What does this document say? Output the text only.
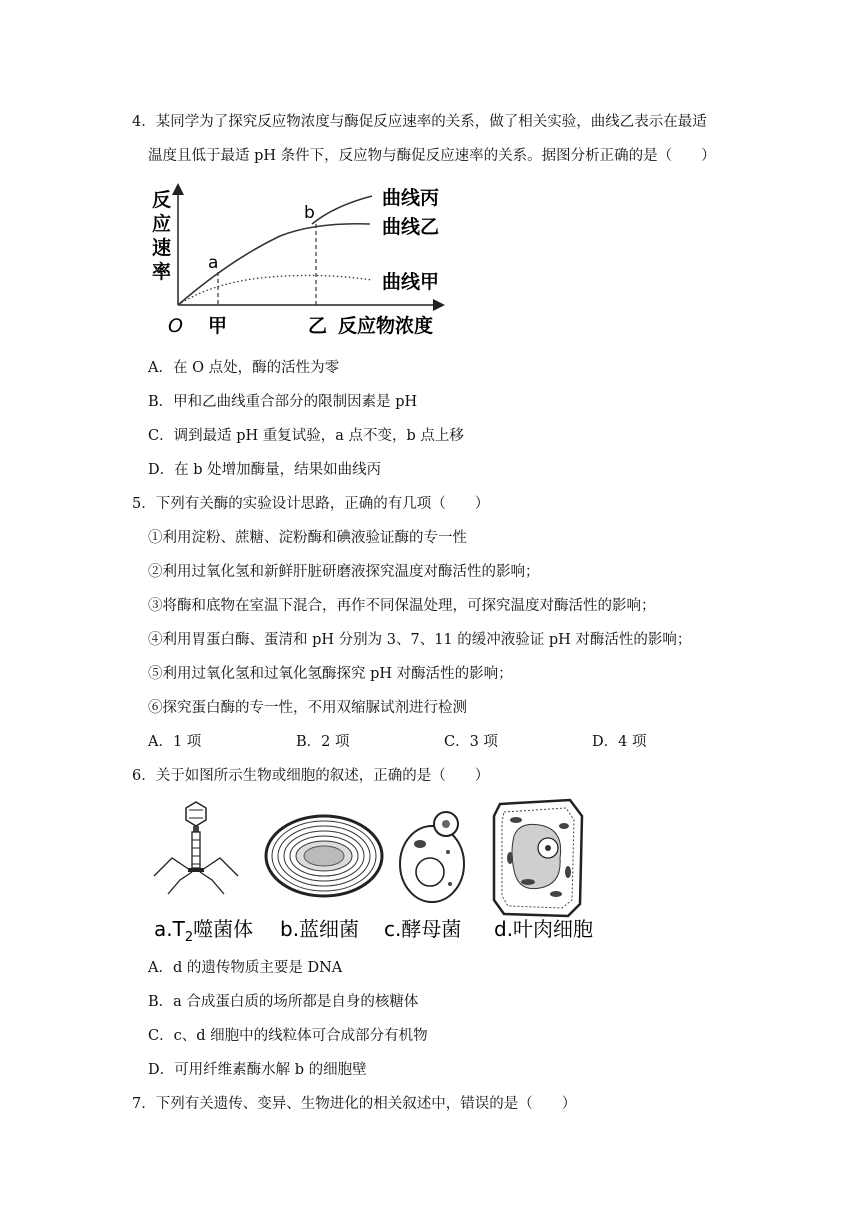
4．某同学为了探究反应物浓度与酶促反应速率的关系，做了相关实验，曲线乙表示在最适
温度且低于最适 pH 条件下，反应物与酶促反应速率的关系。据图分析正确的是（　　）
反
应
速
率
O 甲	乙 反应物浓度
a
b
曲线丙
曲线乙
曲线甲
A．在 O 点处，酶的活性为零
B．甲和乙曲线重合部分的限制因素是 pH
C．调到最适 pH 重复试验，a 点不变，b 点上移
D．在 b 处增加酶量，结果如曲线丙
5．下列有关酶的实验设计思路，正确的有几项（　　）
①利用淀粉、蔗糖、淀粉酶和碘液验证酶的专一性
②利用过氧化氢和新鲜肝脏研磨液探究温度对酶活性的影响；
③将酶和底物在室温下混合，再作不同保温处理，可探究温度对酶活性的影响；
④利用胃蛋白酶、蛋清和 pH 分别为 3、7、11 的缓冲液验证 pH 对酶活性的影响；
⑤利用过氧化氢和过氧化氢酶探究 pH 对酶活性的影响；
⑥探究蛋白酶的专一性，不用双缩脲试剂进行检测
A．1 项	B．2 项	C．3 项	D．4 项
6．关于如图所示生物或细胞的叙述，正确的是（　　）
$a.T_2$噬菌体 b.蓝细菌 c.酵母菌 d.叶肉细胞
A．d 的遗传物质主要是 DNA
B．a 合成蛋白质的场所都是自身的核糖体
C．c、d 细胞中的线粒体可合成部分有机物
D．可用纤维素酶水解 b 的细胞壁
7．下列有关遗传、变异、生物进化的相关叙述中，错误的是（　　）
